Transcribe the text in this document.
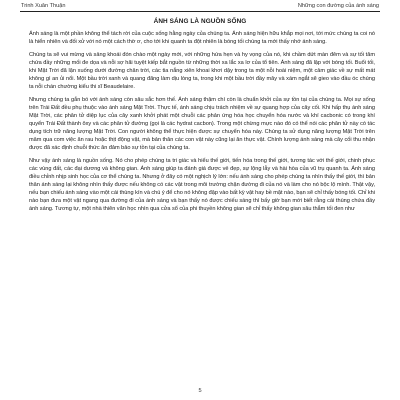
Trinh Xuân Thuận	Những con đường của ánh sáng
ÁNH SÁNG LÀ NGUỒN SỐNG

Ánh sáng là một phần không thể tách rời của cuộc sống hằng ngày của chúng ta. Ánh sáng hiện hữu khắp mọi nơi, tới mức chúng ta coi nó là hiển nhiên và đối xử với nó một cách thờ ơ, cho tới khi quanh ta đột nhiên là bóng tối chúng ta mới thấy nhớ ánh sáng.

Chúng ta sẽ vui mừng và sảng khoái đón chào một ngày mới, với những hứa hẹn và hy vọng của nó, khi chầm dứt màn đêm và sự tối tăm chứa đầy những mối đe dọa và nỗi sợ hãi tuyệt kiếp bắt nguồn từ những thời xa lắc xa lơ của tổ tiên. Ánh sáng đã lập với bóng tối. Buổi tối, khi Mặt Trời đã lặn xuống dưới đường chân trời, các tia nắng xiên khoai khơi dậy trong ta một nỗi hoài niệm, một cảm giác về sự mất mát không gì an ủi nổi. Một bầu trời xanh và quang đãng làm dịu lòng ta, trong khi một bầu trời đầy mây và xám ngắt sẽ gieo vào đầu óc chúng ta nỗi chán chường kiểu thi sĩ Beaudelaire.

Nhưng chúng ta gắn bó với ánh sáng còn sâu sắc hơn thế. Ánh sáng thậm chí còn là chuẩn khởi của sự tồn tại của chúng ta. Mọi sự sống trên Trái Đất đều phụ thuộc vào ánh sáng Mặt Trời. Thực tế, ánh sáng chịu trách nhiệm về sự quang hợp của cây cối. Khi hấp thụ ánh sáng Mặt Trời, các phân tử diệp lục của cây xanh khởi phát một chuỗi các phản ứng hóa học chuyển hóa nước và khí cacbonic có trong khí quyển Trái Đất thành ôxy và các phân tử đường (gọi là các hydrat cacbon). Trong một chừng mực nào đó có thể nói các phân tử này có tác dụng tích trữ năng lượng Mặt Trời. Con người không thể thực hiện được sự chuyển hóa này. Chúng ta sử dụng năng lượng Mặt Trời trên mâm qua com việc ăn rau hoặc thịt động vật, mà bản thân các con vật này cũng lại ăn thực vật. Chính lượng ánh sáng mà cây cối thu nhận được đã xác định chuỗi thức ăn đảm bảo sự tồn tại của chúng ta.

Như vậy ánh sáng là nguồn sống. Nó cho phép chúng ta tri giác và hiểu thế giới, tiến hóa trong thế giới, tương tác với thế giới, chinh phục các vùng đất, các đại dương và không gian. Ánh sáng giúp ta đánh giá được vẻ đẹp, sự lộng lẫy và hài hòa của vũ trụ quanh ta. Ánh sáng điều chỉnh nhịp sinh học của cơ thể chúng ta. Nhưng ở đây có một nghịch lý lớn: nếu ánh sáng cho phép chúng ta nhìn thấy thế giới, thì bản thân ánh sáng lại không nhìn thấy được nếu không có các vật trong môi trường chặn đường đi của nó và làm cho nó bộc lộ mình. Thật vậy, nếu bạn chiếu ánh sáng vào một cái thùng kín và chú ý để cho nó không đập vào bất kỳ vật hay bề mặt nào, bạn sẽ chỉ thấy bóng tối. Chỉ khi nào bạn đưa một vật ngang qua đường đi của ánh sáng và bạn thấy nó được chiếu sáng thì bấy giờ bạn mới biết rằng cái thùng chứa đầy ánh sáng. Tương tự, một nhà thiên văn học nhìn qua cửa sổ của phi thuyền không gian sẽ chỉ thấy không gian sâu thẳm tối đen như

5
